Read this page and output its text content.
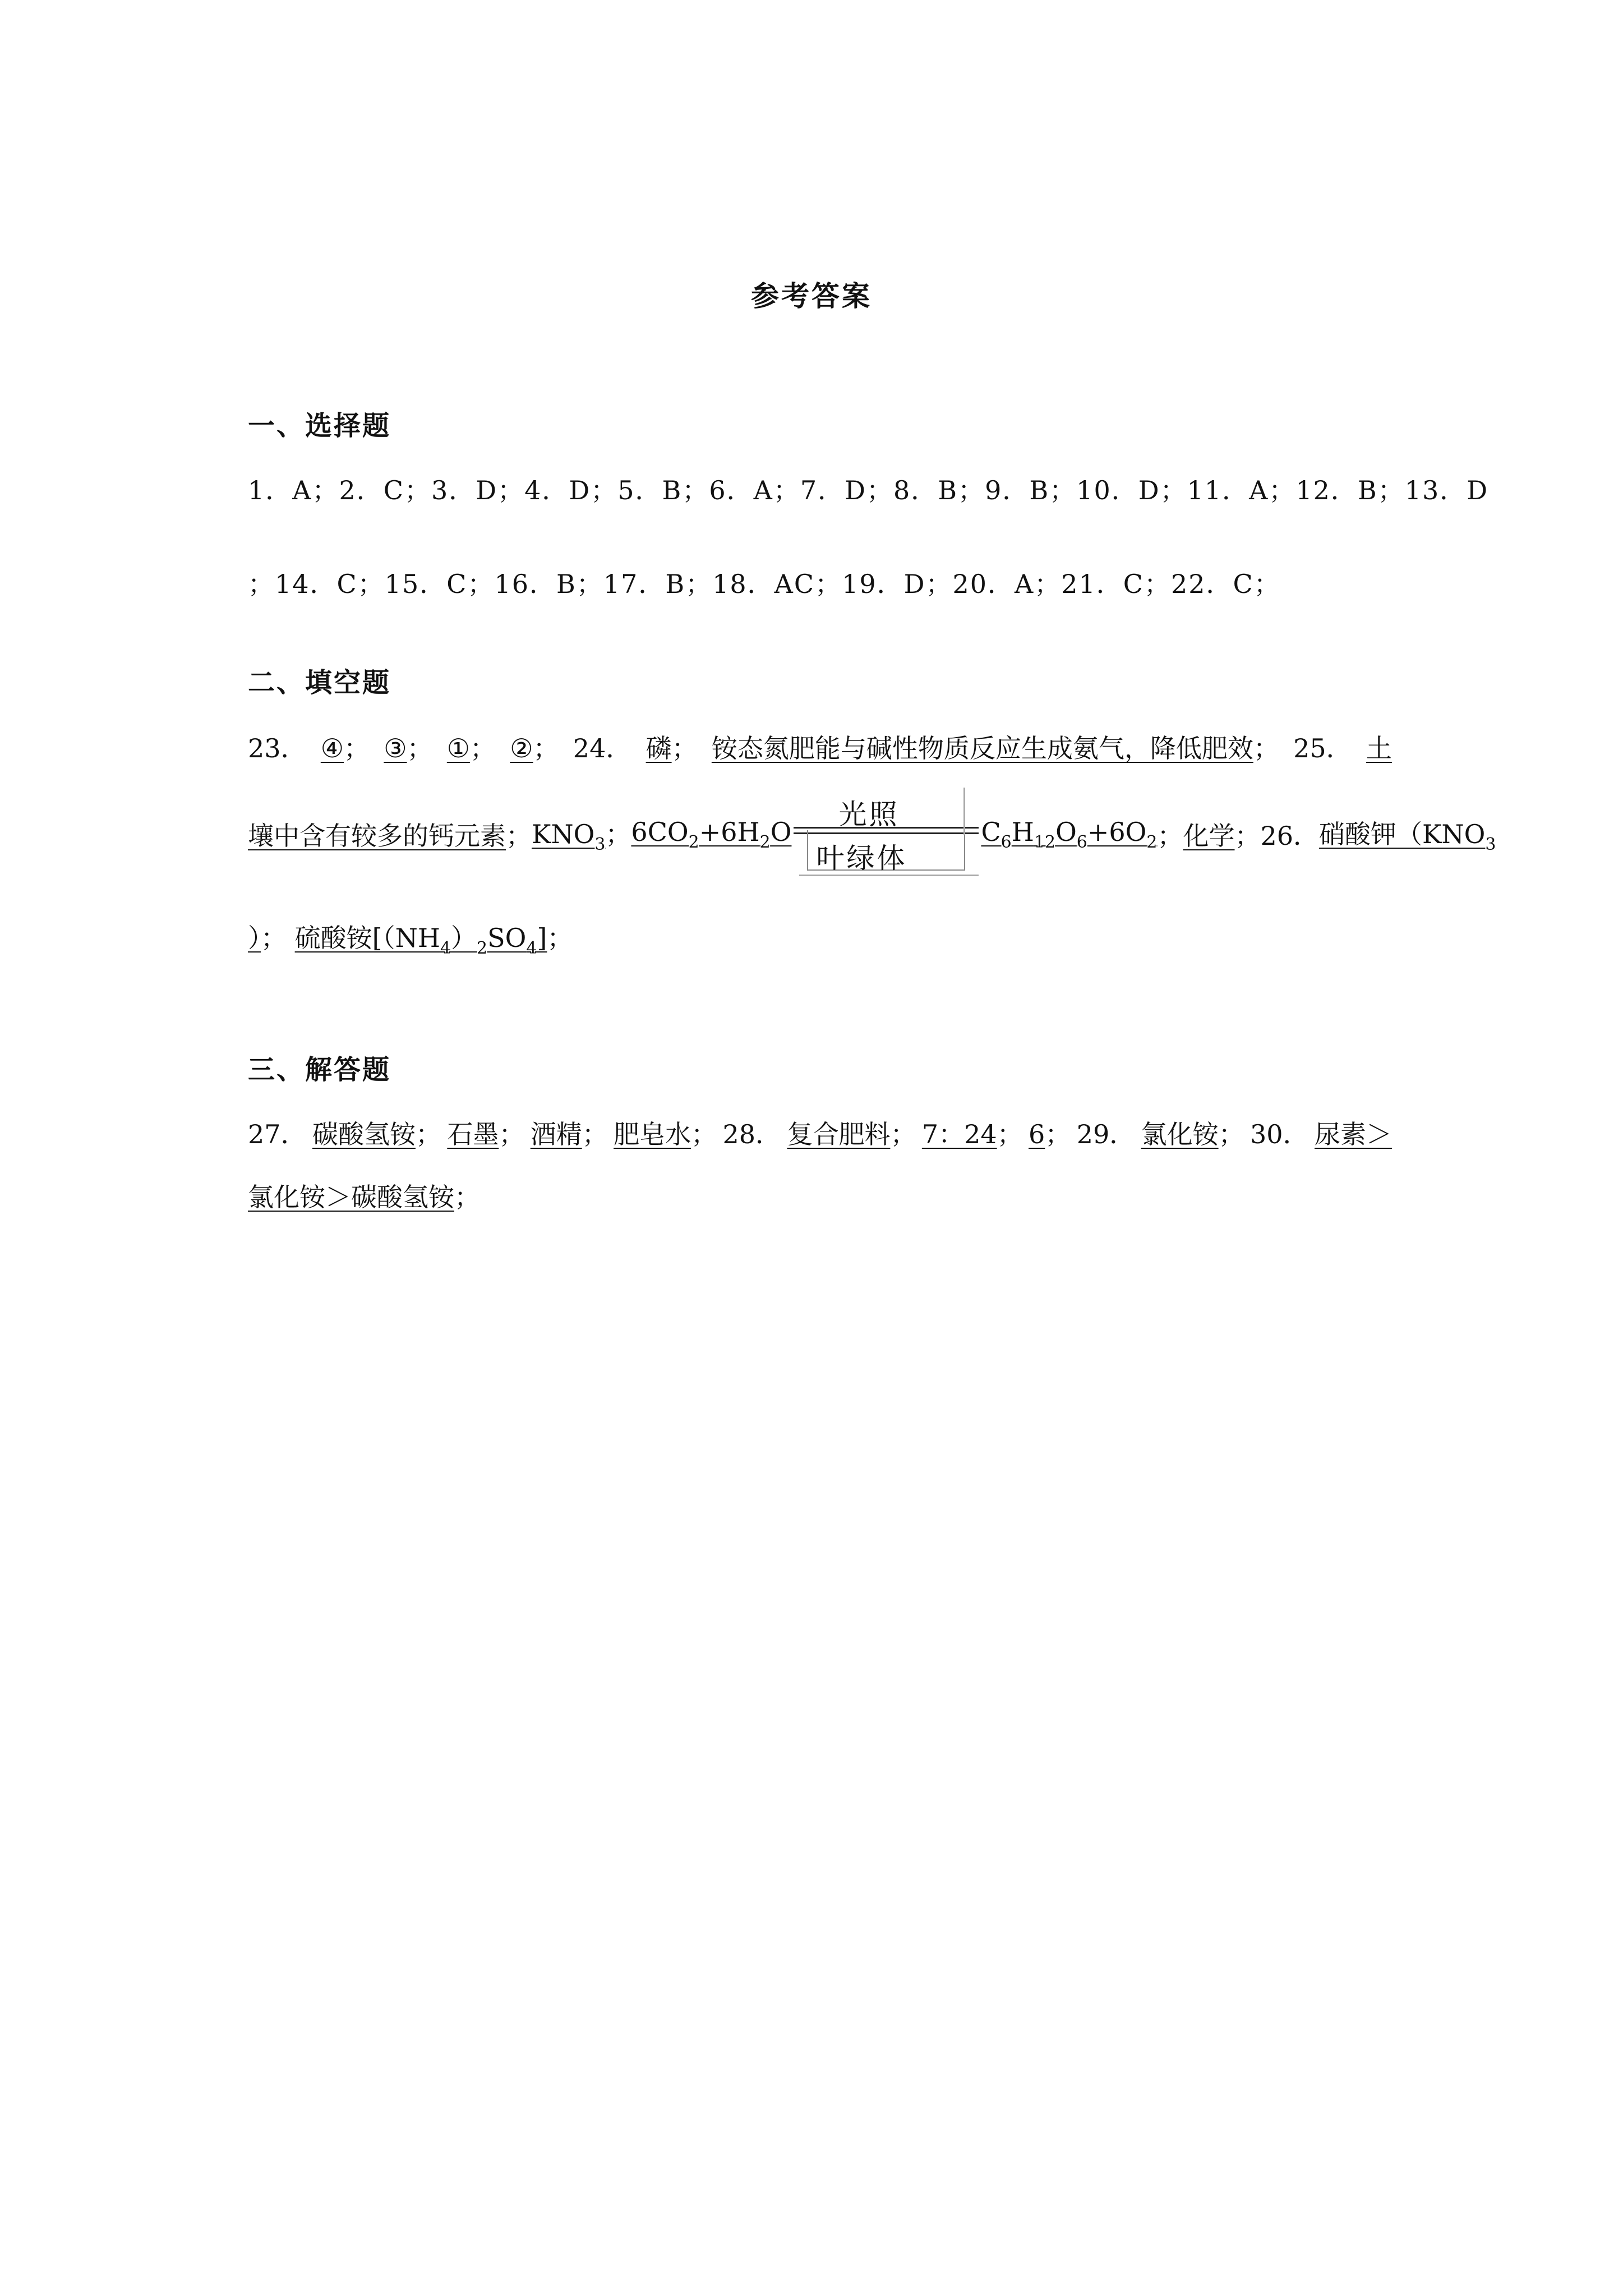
参考答案
一、选择题
1．A； 2．C； 3．D； 4．D； 5．B； 6．A； 7．D； 8．B； 9．B； 10．D； 11．A； 12．B； 13．D
；14．C；15．C；16．B；17．B；18．AC；19．D；20．A；21．C；22．C；
二、填空题
23． ④； ③； ①； ②； 24． 磷； 铵态氮肥能与碱性物质反应生成氨气，降低肥效； 25． 土
壤中含有较多的钙元素； $KNO_3$； $6CO_2+6H_2O$
光照
叶绿体
$C_6H_{12}O_6+6O_2$ ； 化学； 26． 硝酸钾（$KNO_3$
）； 硫酸铵$[(NH_4)_2SO_4]$；
三、解答题
27． 碳酸氢铵； 石墨； 酒精； 肥皂水； 28． 复合肥料； 7：24； 6； 29． 氯化铵； 30． 尿素＞
氯化铵＞碳酸氢铵；
